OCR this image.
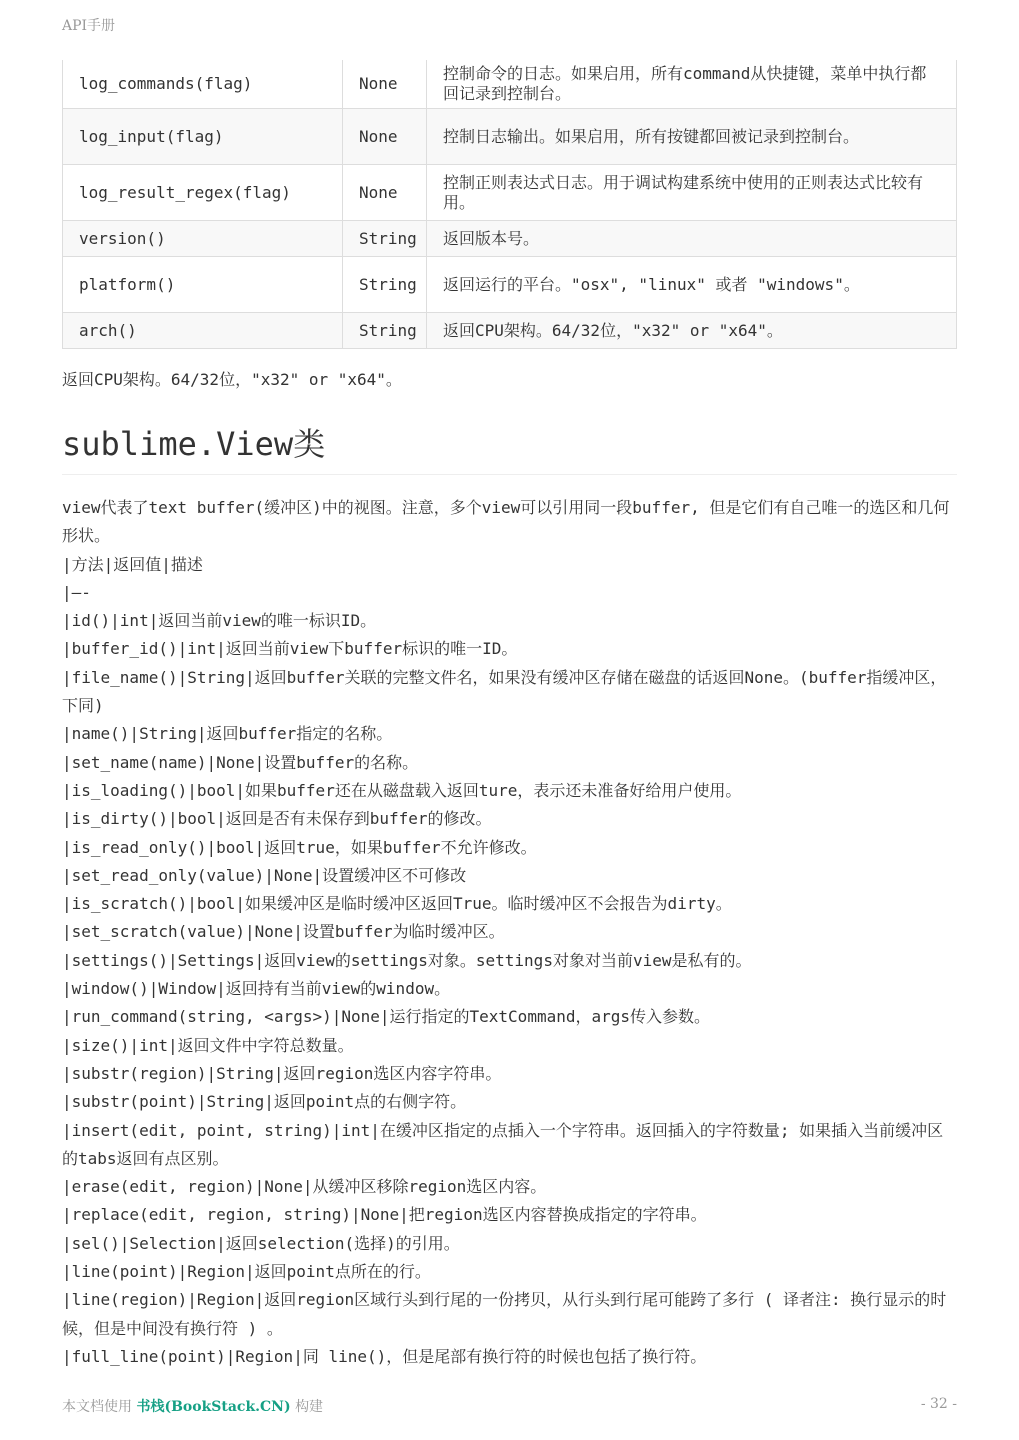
API手册
log_commands(flag)	None	控制命令的日志。如果启用，所有command从快捷键，菜单中执行都回记录到控制台。
log_input(flag)	None	控制日志输出。如果启用，所有按键都回被记录到控制台。
log_result_regex(flag)	None	控制正则表达式日志。用于调试构建系统中使用的正则表达式比较有用。
version()	String	返回版本号。
platform()	String	返回运行的平台。"osx", "linux" 或者 "windows"。
arch()	String	返回CPU架构。64/32位，"x32" or "x64"。
返回CPU架构。64/32位，"x32" or "x64"。
sublime.View类
view代表了text buffer(缓冲区)中的视图。注意，多个view可以引用同一段buffer, 但是它们有自己唯一的选区和几何形状。
|方法|返回值|描述
|—-
|id()|int|返回当前view的唯一标识ID。
|buffer_id()|int|返回当前view下buffer标识的唯一ID。
|file_name()|String|返回buffer关联的完整文件名，如果没有缓冲区存储在磁盘的话返回None。(buffer指缓冲区，下同)
|name()|String|返回buffer指定的名称。
|set_name(name)|None|设置buffer的名称。
|is_loading()|bool|如果buffer还在从磁盘载入返回ture，表示还未准备好给用户使用。
|is_dirty()|bool|返回是否有未保存到buffer的修改。
|is_read_only()|bool|返回true，如果buffer不允许修改。
|set_read_only(value)|None|设置缓冲区不可修改
|is_scratch()|bool|如果缓冲区是临时缓冲区返回True。临时缓冲区不会报告为dirty。
|set_scratch(value)|None|设置buffer为临时缓冲区。
|settings()|Settings|返回view的settings对象。settings对象对当前view是私有的。
|window()|Window|返回持有当前view的window。
|run_command(string, <args>)|None|运行指定的TextCommand，args传入参数。
|size()|int|返回文件中字符总数量。
|substr(region)|String|返回region选区内容字符串。
|substr(point)|String|返回point点的右侧字符。
|insert(edit, point, string)|int|在缓冲区指定的点插入一个字符串。返回插入的字符数量; 如果插入当前缓冲区的tabs返回有点区别。
|erase(edit, region)|None|从缓冲区移除region选区内容。
|replace(edit, region, string)|None|把region选区内容替换成指定的字符串。
|sel()|Selection|返回selection(选择)的引用。
|line(point)|Region|返回point点所在的行。
|line(region)|Region|返回region区域行头到行尾的一份拷贝，从行头到行尾可能跨了多行 ( 译者注: 换行显示的时候，但是中间没有换行符 ) 。
|full_line(point)|Region|同 line()，但是尾部有换行符的时候也包括了换行符。
本文档使用 书栈(BookStack.CN) 构建	- 32 -
